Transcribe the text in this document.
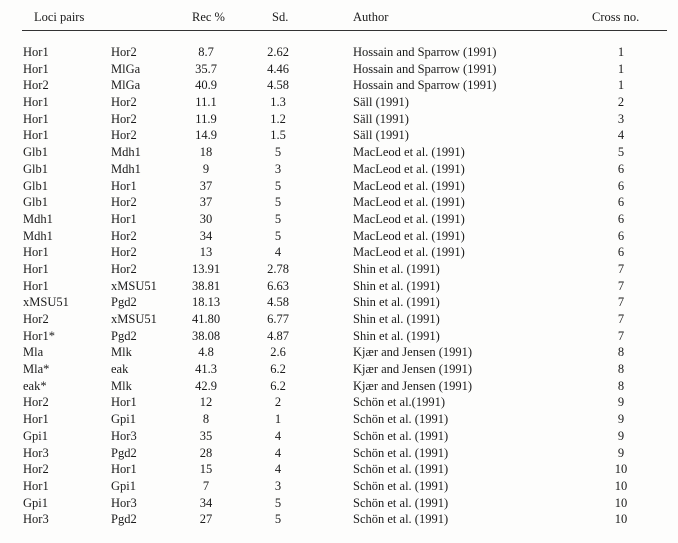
Loci pairs	Rec %	Sd.	Author	Cross no.
Hor1	Hor2	8.7	2.62	Hossain and Sparrow (1991)	1
Hor1	MlGa	35.7	4.46	Hossain and Sparrow (1991)	1
Hor2	MlGa	40.9	4.58	Hossain and Sparrow (1991)	1
Hor1	Hor2	11.1	1.3	Säll (1991)	2
Hor1	Hor2	11.9	1.2	Säll (1991)	3
Hor1	Hor2	14.9	1.5	Säll (1991)	4
Glb1	Mdh1	18	5	MacLeod et al. (1991)	5
Glb1	Mdh1	9	3	MacLeod et al. (1991)	6
Glb1	Hor1	37	5	MacLeod et al. (1991)	6
Glb1	Hor2	37	5	MacLeod et al. (1991)	6
Mdh1	Hor1	30	5	MacLeod et al. (1991)	6
Mdh1	Hor2	34	5	MacLeod et al. (1991)	6
Hor1	Hor2	13	4	MacLeod et al. (1991)	6
Hor1	Hor2	13.91	2.78	Shin et al. (1991)	7
Hor1	xMSU51	38.81	6.63	Shin et al. (1991)	7
xMSU51	Pgd2	18.13	4.58	Shin et al. (1991)	7
Hor2	xMSU51	41.80	6.77	Shin et al. (1991)	7
Hor1*	Pgd2	38.08	4.87	Shin et al. (1991)	7
Mla	Mlk	4.8	2.6	Kjær and Jensen (1991)	8
Mla*	eak	41.3	6.2	Kjær and Jensen (1991)	8
eak*	Mlk	42.9	6.2	Kjær and Jensen (1991)	8
Hor2	Hor1	12	2	Schön et al.(1991)	9
Hor1	Gpi1	8	1	Schön et al. (1991)	9
Gpi1	Hor3	35	4	Schön et al. (1991)	9
Hor3	Pgd2	28	4	Schön et al. (1991)	9
Hor2	Hor1	15	4	Schön et al. (1991)	10
Hor1	Gpi1	7	3	Schön et al. (1991)	10
Gpi1	Hor3	34	5	Schön et al. (1991)	10
Hor3	Pgd2	27	5	Schön et al. (1991)	10
